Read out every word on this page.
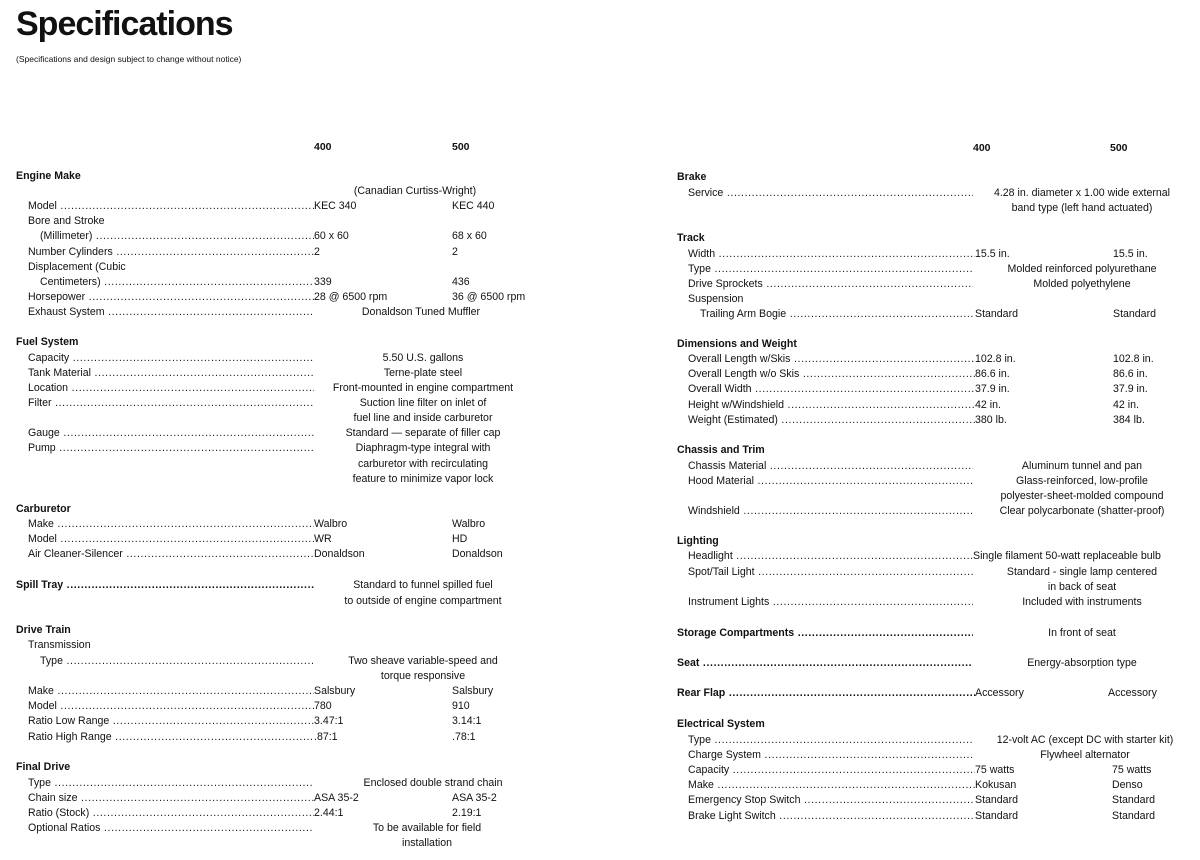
Specifications
(Specifications and design subject to change without notice)
400	500	400	500
Engine Make
(Canadian Curtiss-Wright)
Model .....	KEC 340	KEC 440
Bore and Stroke
(Millimeter) .....	60 x 60	68 x 60
Number Cylinders .....	2	2
Displacement (Cubic
Centimeters) .....	339	436
Horsepower .....	28 @ 6500 rpm	36 @ 6500 rpm
Exhaust System .....	Donaldson Tuned Muffler
Fuel System
Capacity .....	5.50 U.S. gallons
Tank Material .....	Terne-plate steel
Location .....	Front-mounted in engine compartment
Filter .....	Suction line filter on inlet of
fuel line and inside carburetor
Gauge .....	Standard — separate of filler cap
Pump .....	Diaphragm-type integral with
carburetor with recirculating
feature to minimize vapor lock
Carburetor
Make .....	Walbro	Walbro
Model .....	WR	HD
Air Cleaner-Silencer .....	Donaldson	Donaldson
Spill Tray .....	Standard to funnel spilled fuel
to outside of engine compartment
Drive Train
Transmission
Type .....	Two sheave variable-speed and
torque responsive
Make .....	Salsbury	Salsbury
Model .....	780	910
Ratio Low Range .....	3.47:1	3.14:1
Ratio High Range .....	.87:1	.78:1
Final Drive
Type .....	Enclosed double strand chain
Chain size .....	ASA 35-2	ASA 35-2
Ratio (Stock) .....	2.44:1	2.19:1
Optional Ratios .....	To be available for field
installation
Brake
Service .....	4.28 in. diameter x 1.00 wide external
band type (left hand actuated)
Track
Width .....	15.5 in.	15.5 in.
Type .....	Molded reinforced polyurethane
Drive Sprockets .....	Molded polyethylene
Suspension
Trailing Arm Bogie .....	Standard	Standard
Dimensions and Weight
Overall Length w/Skis .....	102.8 in.	102.8 in.
Overall Length w/o Skis .....	86.6 in.	86.6 in.
Overall Width .....	37.9 in.	37.9 in.
Height w/Windshield .....	42 in.	42 in.
Weight (Estimated) .....	380 lb.	384 lb.
Chassis and Trim
Chassis Material .....	Aluminum tunnel and pan
Hood Material .....	Glass-reinforced, low-profile
polyester-sheet-molded compound
Windshield .....	Clear polycarbonate (shatter-proof)
Lighting
Headlight .....	Single filament 50-watt replaceable bulb
Spot/Tail Light .....	Standard - single lamp centered
in back of seat
Instrument Lights .....	Included with instruments
Storage Compartments .....	In front of seat
Seat .....	Energy-absorption type
Rear Flap .....	Accessory	Accessory
Electrical System
Type .....	12-volt AC (except DC with starter kit)
Charge System .....	Flywheel alternator
Capacity .....	75 watts	75 watts
Make .....	Kokusan	Denso
Emergency Stop Switch .....	Standard	Standard
Brake Light Switch .....	Standard	Standard
